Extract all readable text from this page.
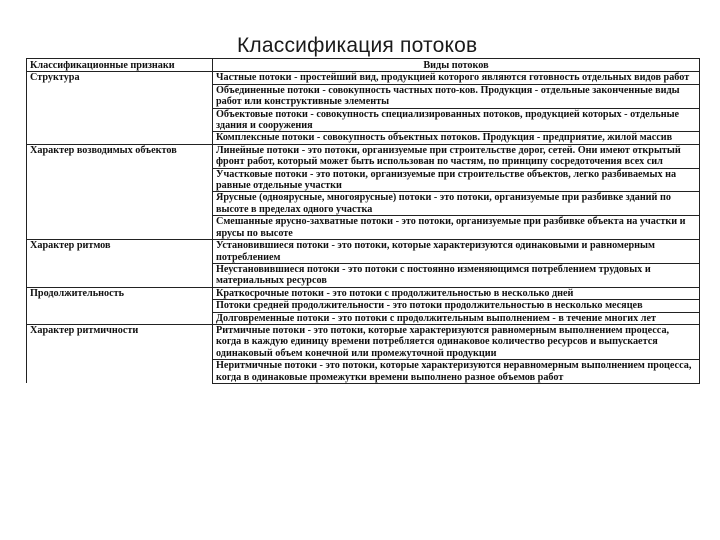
Классификация потоков
Классификационные признаки	Виды потоков
Структура	Частные потоки - простейший вид, продукцией которого являются готовность отдельных видов работ
	Объединенные потоки - совокупность частных пото-ков. Продукция - отдельные законченные виды работ или конструктивные элементы
	Объектовые потоки - совокупность специализированных потоков, продукцией которых - отдельные здания и сооружения
	Комплексные потоки - совокупность объектных потоков. Продукция - предприятие, жилой массив
Характер возводимых объектов	Линейные потоки - это потоки, организуемые при строительстве дорог, сетей. Они имеют открытый фронт работ, который может быть использован по частям, по принципу сосредоточения всех сил
	Участковые потоки - это потоки, организуемые при строительстве объектов, легко разбиваемых на равные отдельные участки
	Ярусные (одноярусные, многоярусные) потоки - это потоки, организуемые при разбивке зданий по высоте в пределах одного участка
	Смешанные ярусно-захватные потоки - это потоки, организуемые при разбивке объекта на участки и ярусы по высоте
Характер ритмов	Установившиеся потоки - это потоки, которые характеризуются одинаковыми и равномерным потреблением
	Неустановившиеся потоки - это потоки с постоянно изменяющимся потреблением трудовых и материальных ресурсов
Продолжительность	Краткосрочные потоки - это потоки с продолжительностью в несколько дней
	Потоки средней продолжительности - это потоки продолжительностью в несколько месяцев
	Долговременные потоки - это потоки с продолжительным выполнением - в течение многих лет
Характер ритмичности	Ритмичные потоки - это потоки, которые характеризуются равномерным выполнением процесса, когда в каждую единицу времени потребляется одинаковое количество ресурсов и выпускается одинаковый объем конечной или промежуточной продукции
	Неритмичные потоки - это потоки, которые характеризуются неравномерным выполнением процесса, когда в одинаковые промежутки времени выполнено разное объемов работ
